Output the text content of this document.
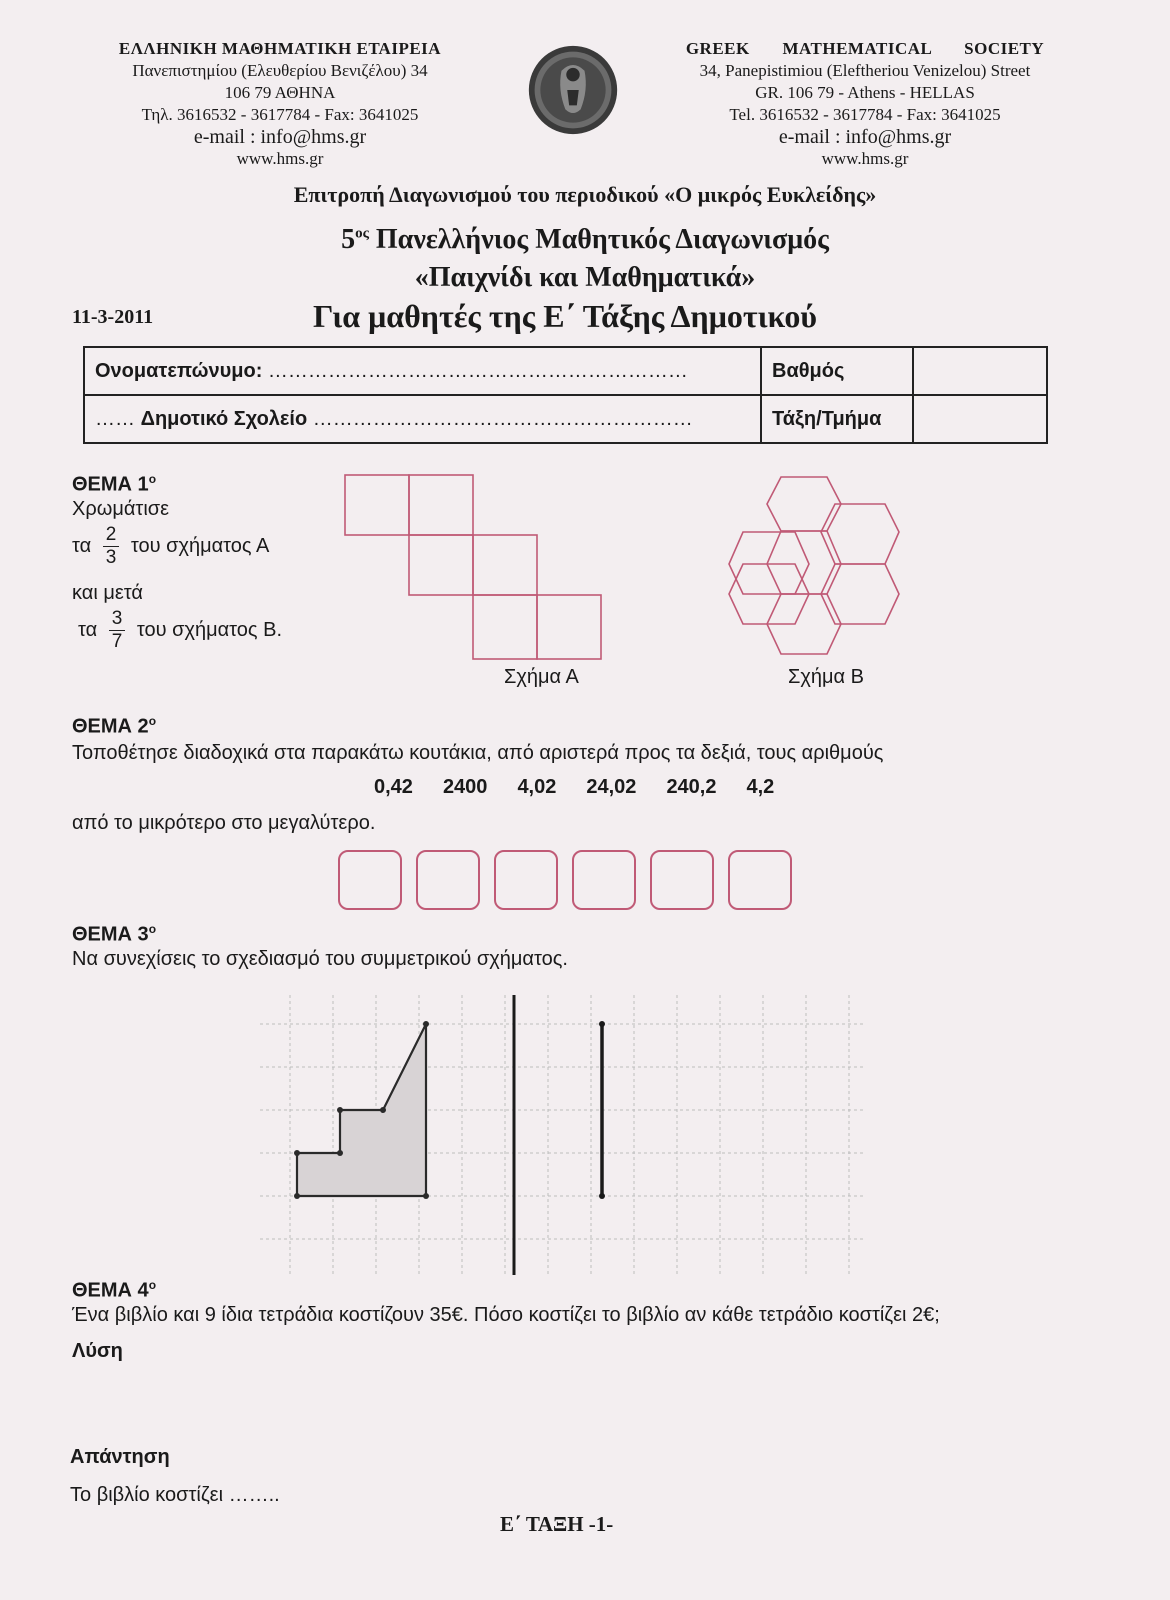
ΕΛΛΗΝΙΚΗ ΜΑΘΗΜΑΤΙΚΗ ΕΤΑΙΡΕΙΑ
Πανεπιστημίου (Ελευθερίου Βενιζέλου) 34
106 79 ΑΘΗΝΑ
Τηλ. 3616532 - 3617784 - Fax: 3641025
e-mail : info@hms.gr
www.hms.gr
GREEK MATHEMATICAL SOCIETY
34, Panepistimiou (Eleftheriou Venizelou) Street
GR. 106 79 - Athens - HELLAS
Tel. 3616532 - 3617784 - Fax: 3641025
e-mail : info@hms.gr
www.hms.gr
Επιτροπή Διαγωνισμού του περιοδικού «Ο μικρός Ευκλείδης»
$5^{o\varsigma}$ Πανελλήνιος Μαθητικός Διαγωνισμός
«Παιχνίδι και Μαθηματικά»
11-3-2011	Για μαθητές της Ε΄ Τάξης Δημοτικού
Ονοματεπώνυμο: ………………………………………………………	Βαθμός	
…… Δημοτικό Σχολείο …………………………………………………	Τάξη/Τμήμα	
ΘΕΜΑ $1^o$
Χρωμάτισε
τα $\frac{2}{3}$ του σχήματος Α
και μετά
τα $\frac{3}{7}$ του σχήματος Β.
Σχήμα Α	Σχήμα Β
ΘΕΜΑ $2^o$
Τοποθέτησε διαδοχικά στα παρακάτω κουτάκια, από αριστερά προς τα δεξιά, τους αριθμούς
0,42 2400 4,02 24,02 240,2 4,2
από το μικρότερο στο μεγαλύτερο.
ΘΕΜΑ $3^o$
Να συνεχίσεις το σχεδιασμό του συμμετρικού σχήματος.
ΘΕΜΑ $4^o$
Ένα βιβλίο και 9 ίδια τετράδια κοστίζουν 35€. Πόσο κοστίζει το βιβλίο αν κάθε τετράδιο κοστίζει 2€;
Λύση
Απάντηση
Το βιβλίο κοστίζει ……..
Ε΄ ΤΑΞΗ -1-
